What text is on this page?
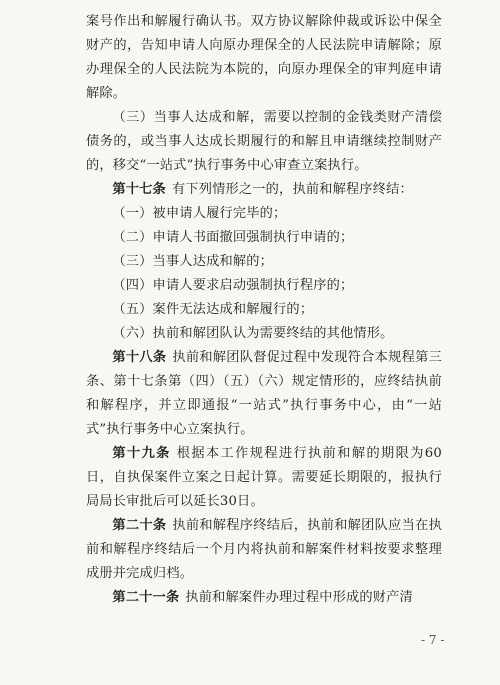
案号作出和解履行确认书。双方协议解除仲裁或诉讼中保全财产的，告知申请人向原办理保全的人民法院申请解除；原办理保全的人民法院为本院的，向原办理保全的审判庭申请解除。

（三）当事人达成和解，需要以控制的金钱类财产清偿债务的，或当事人达成长期履行的和解且申请继续控制财产的，移交“一站式”执行事务中心审查立案执行。

第十七条 有下列情形之一的，执前和解程序终结：

（一）被申请人履行完毕的；

（二）申请人书面撤回强制执行申请的；

（三）当事人达成和解的；

（四）申请人要求启动强制执行程序的；

（五）案件无法达成和解履行的；

（六）执前和解团队认为需要终结的其他情形。

第十八条 执前和解团队督促过程中发现符合本规程第三条、第十七条第（四）（五）（六）规定情形的，应终结执前和解程序，并立即通报“一站式”执行事务中心，由“一站式”执行事务中心立案执行。

第十九条 根据本工作规程进行执前和解的期限为60日，自执保案件立案之日起计算。需要延长期限的，报执行局局长审批后可以延长30日。

第二十条 执前和解程序终结后，执前和解团队应当在执前和解程序终结后一个月内将执前和解案件材料按要求整理成册并完成归档。

第二十一条 执前和解案件办理过程中形成的财产清

- 7 -
